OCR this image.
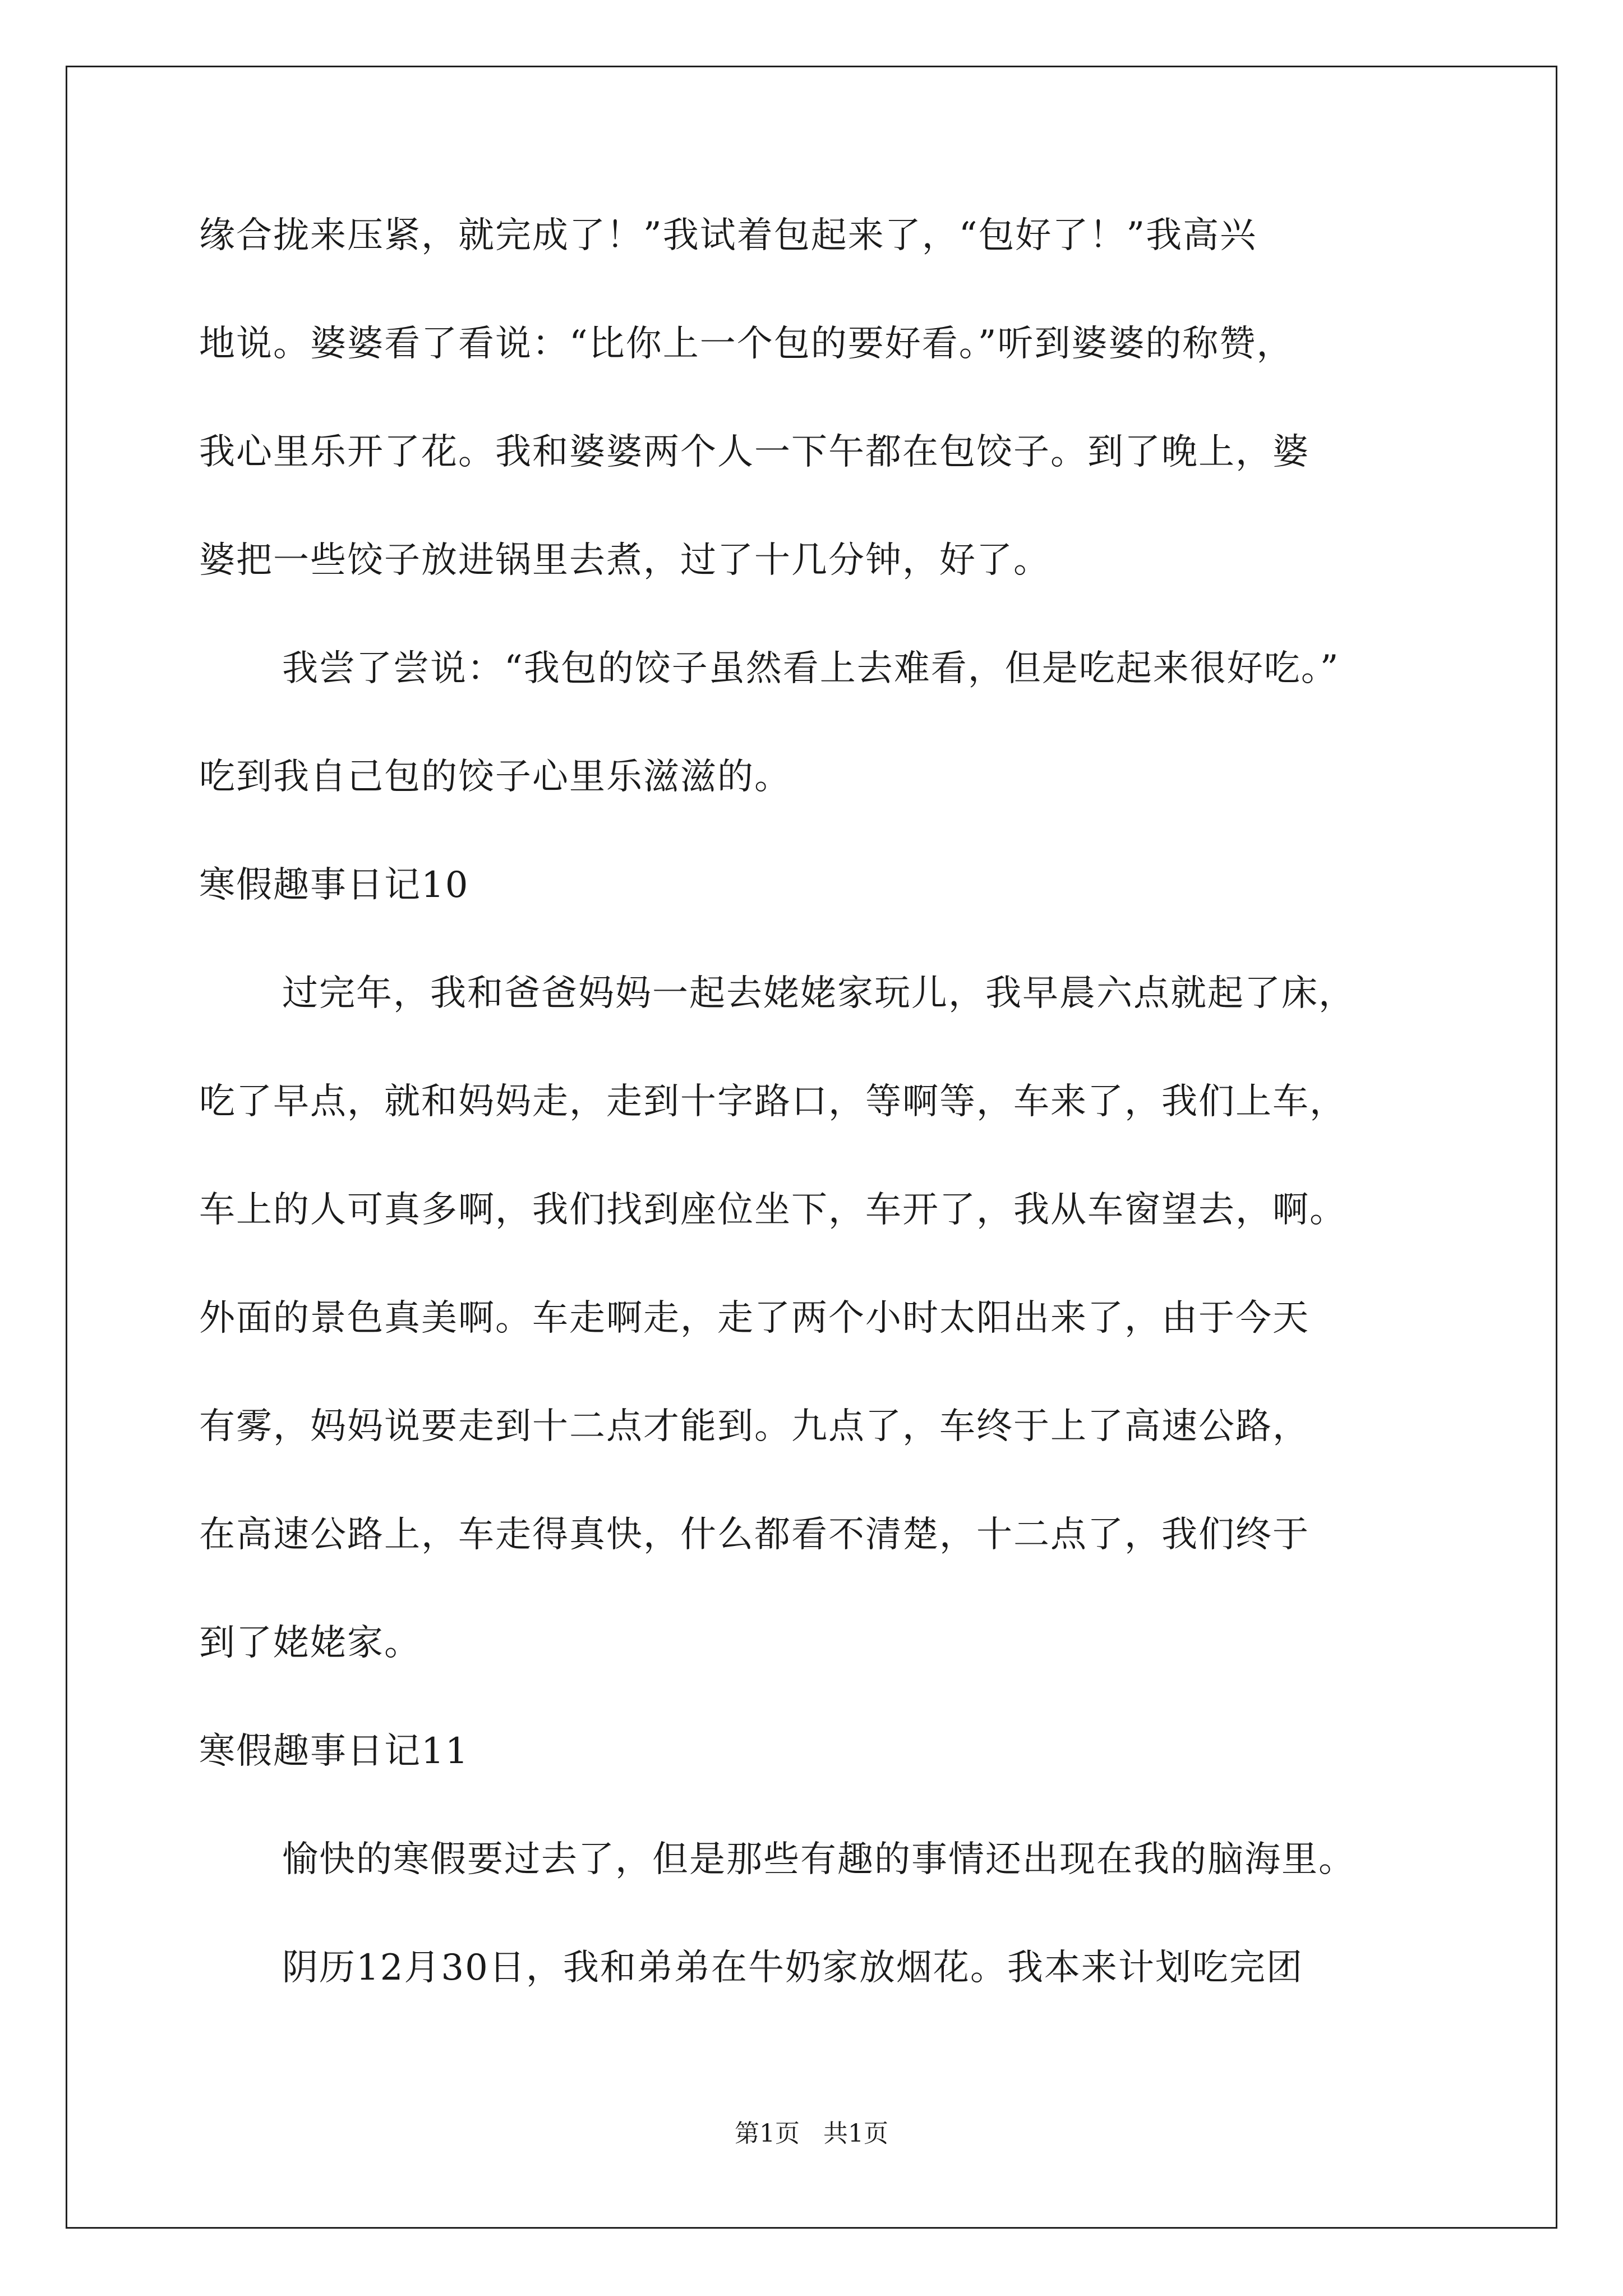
缘合拢来压紧，就完成了！”我试着包起来了，“包好了！”我高兴
地说。婆婆看了看说：“比你上一个包的要好看。”听到婆婆的称赞，
我心里乐开了花。我和婆婆两个人一下午都在包饺子。到了晚上，婆
婆把一些饺子放进锅里去煮，过了十几分钟，好了。
我尝了尝说：“我包的饺子虽然看上去难看，但是吃起来很好吃。”
吃到我自己包的饺子心里乐滋滋的。
寒假趣事日记10
过完年，我和爸爸妈妈一起去姥姥家玩儿，我早晨六点就起了床，
吃了早点，就和妈妈走，走到十字路口，等啊等，车来了，我们上车，
车上的人可真多啊，我们找到座位坐下，车开了，我从车窗望去，啊。
外面的景色真美啊。车走啊走，走了两个小时太阳出来了，由于今天
有雾，妈妈说要走到十二点才能到。九点了，车终于上了高速公路，
在高速公路上，车走得真快，什么都看不清楚，十二点了，我们终于
到了姥姥家。
寒假趣事日记11
愉快的寒假要过去了，但是那些有趣的事情还出现在我的脑海里。
阴历12月30日，我和弟弟在牛奶家放烟花。我本来计划吃完团
第1页   共1页
